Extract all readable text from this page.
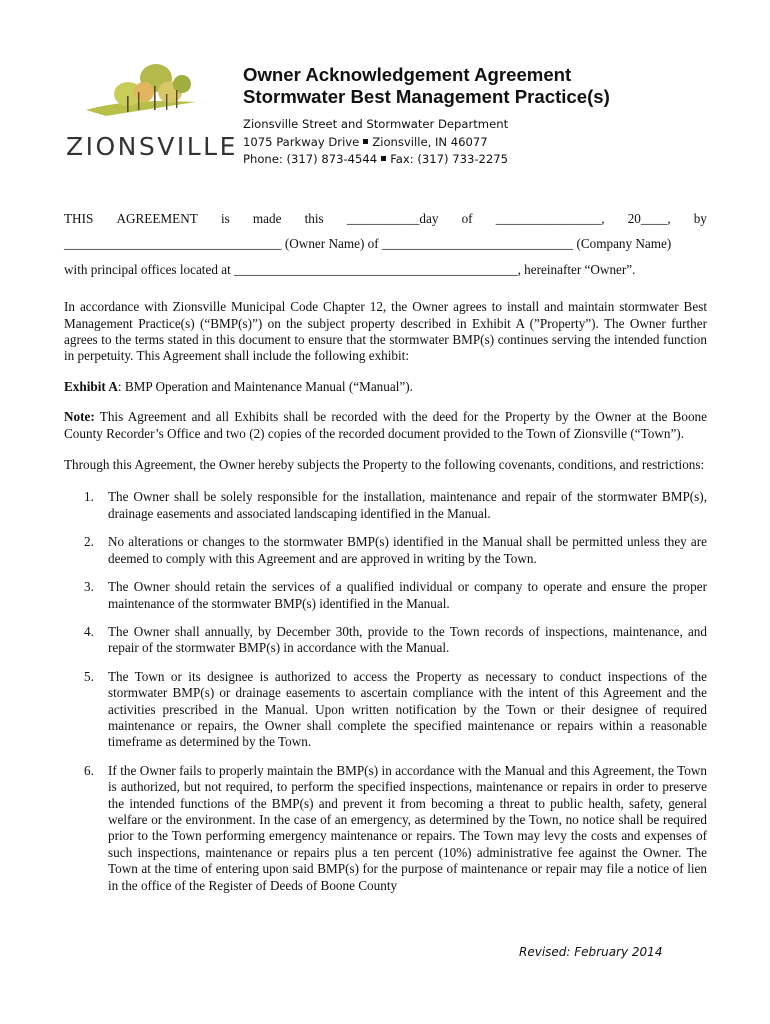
ZIONSVILLE

Owner Acknowledgement Agreement

Stormwater Best Management Practice(s)

Zionsville Street and Stormwater Department

1075 Parkway Drive Zionsville, IN 46077

Phone: (317) 873-4544 Fax: (317) 733-2275

THIS AGREEMENT is made this ___________day of ________________, 20____, by
_________________________________ (Owner Name) of _____________________________ (Company Name)
with principal offices located at ___________________________________________, hereinafter “Owner”.

In accordance with Zionsville Municipal Code Chapter 12, the Owner agrees to install and maintain stormwater Best Management Practice(s) (“BMP(s)”) on the subject property described in Exhibit A (”Property”). The Owner further agrees to the terms stated in this document to ensure that the stormwater BMP(s) continues serving the intended function in perpetuity. This Agreement shall include the following exhibit:

Exhibit A: BMP Operation and Maintenance Manual (“Manual”).

Note: This Agreement and all Exhibits shall be recorded with the deed for the Property by the Owner at the Boone County Recorder’s Office and two (2) copies of the recorded document provided to the Town of Zionsville (“Town”).

Through this Agreement, the Owner hereby subjects the Property to the following covenants, conditions, and restrictions:

1. The Owner shall be solely responsible for the installation, maintenance and repair of the stormwater BMP(s), drainage easements and associated landscaping identified in the Manual.
2. No alterations or changes to the stormwater BMP(s) identified in the Manual shall be permitted unless they are deemed to comply with this Agreement and are approved in writing by the Town.
3. The Owner should retain the services of a qualified individual or company to operate and ensure the proper maintenance of the stormwater BMP(s) identified in the Manual.
4. The Owner shall annually, by December 30th, provide to the Town records of inspections, maintenance, and repair of the stormwater BMP(s) in accordance with the Manual.
5. The Town or its designee is authorized to access the Property as necessary to conduct inspections of the stormwater BMP(s) or drainage easements to ascertain compliance with the intent of this Agreement and the activities prescribed in the Manual. Upon written notification by the Town or their designee of required maintenance or repairs, the Owner shall complete the specified maintenance or repairs within a reasonable timeframe as determined by the Town.
6. If the Owner fails to properly maintain the BMP(s) in accordance with the Manual and this Agreement, the Town is authorized, but not required, to perform the specified inspections, maintenance or repairs in order to preserve the intended functions of the BMP(s) and prevent it from becoming a threat to public health, safety, general welfare or the environment. In the case of an emergency, as determined by the Town, no notice shall be required prior to the Town performing emergency maintenance or repairs. The Town may levy the costs and expenses of such inspections, maintenance or repairs plus a ten percent (10%) administrative fee against the Owner. The Town at the time of entering upon said BMP(s) for the purpose of maintenance or repair may file a notice of lien in the office of the Register of Deeds of Boone County
Revised: February 2014
